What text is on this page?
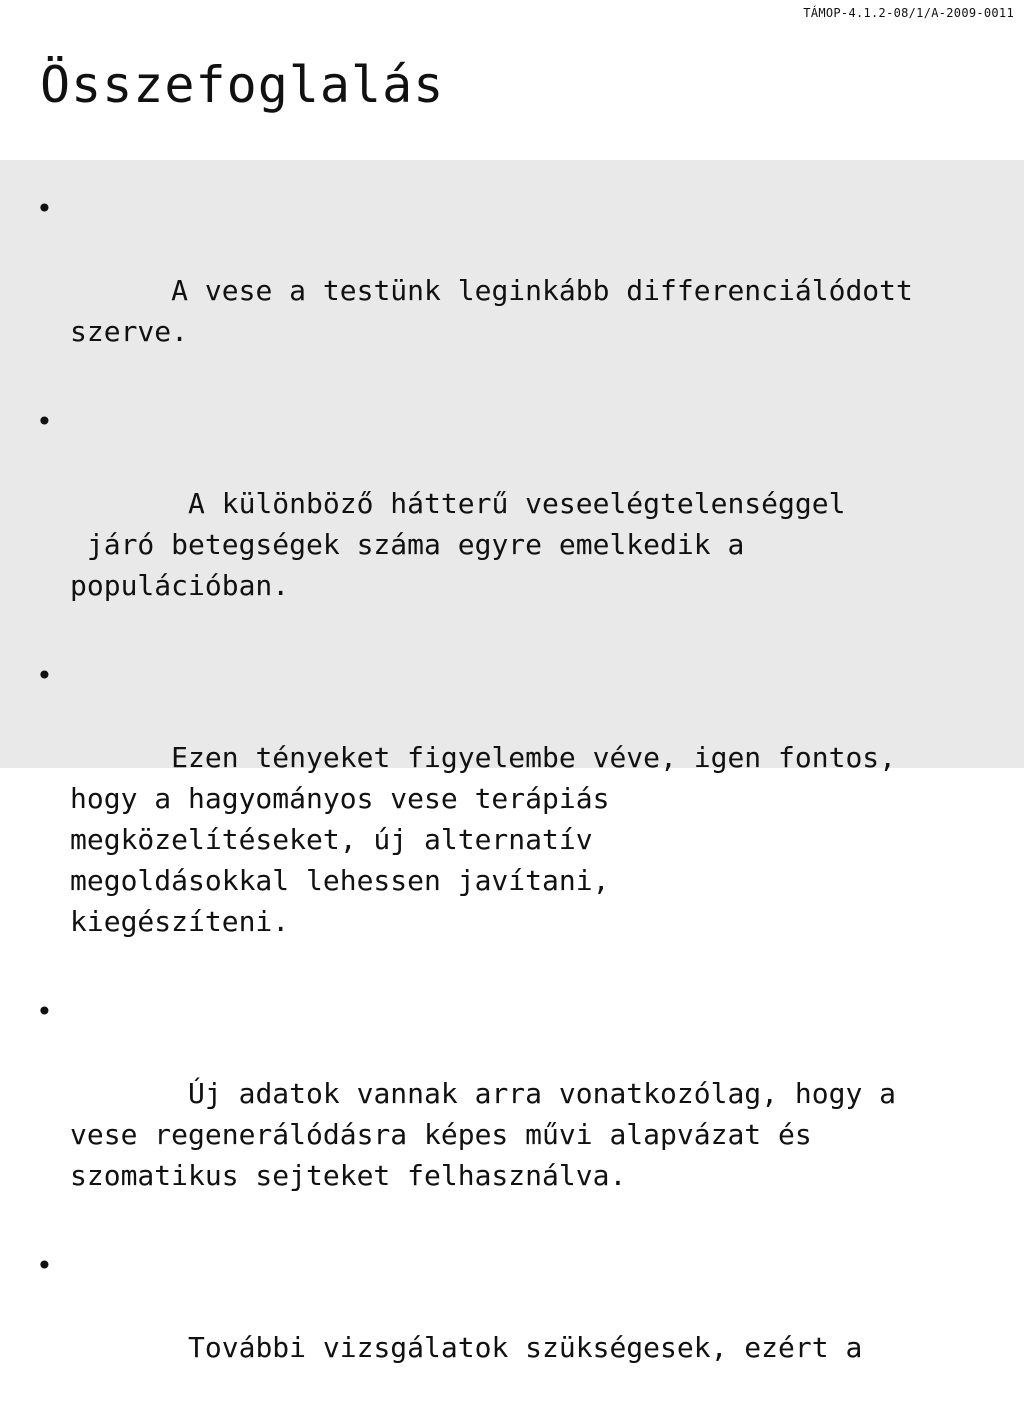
TÁMOP-4.1.2-08/1/A-2009-0011
Összefoglalás

•

A vese a testünk leginkább differenciálódott
szerve.

•

A különböző hátterű veseelégtelenséggel
járó betegségek száma egyre emelkedik a
populációban.

•

Ezen tényeket figyelembe véve, igen fontos,
hogy a hagyományos vese terápiás
megközelítéseket, új alternatív
megoldásokkal lehessen javítani,
kiegészíteni.

•

Új adatok vannak arra vonatkozólag, hogy a
vese regenerálódásra képes művi alapvázat és
szomatikus sejteket felhasználva.

•

További vizsgálatok szükségesek, ezért a
